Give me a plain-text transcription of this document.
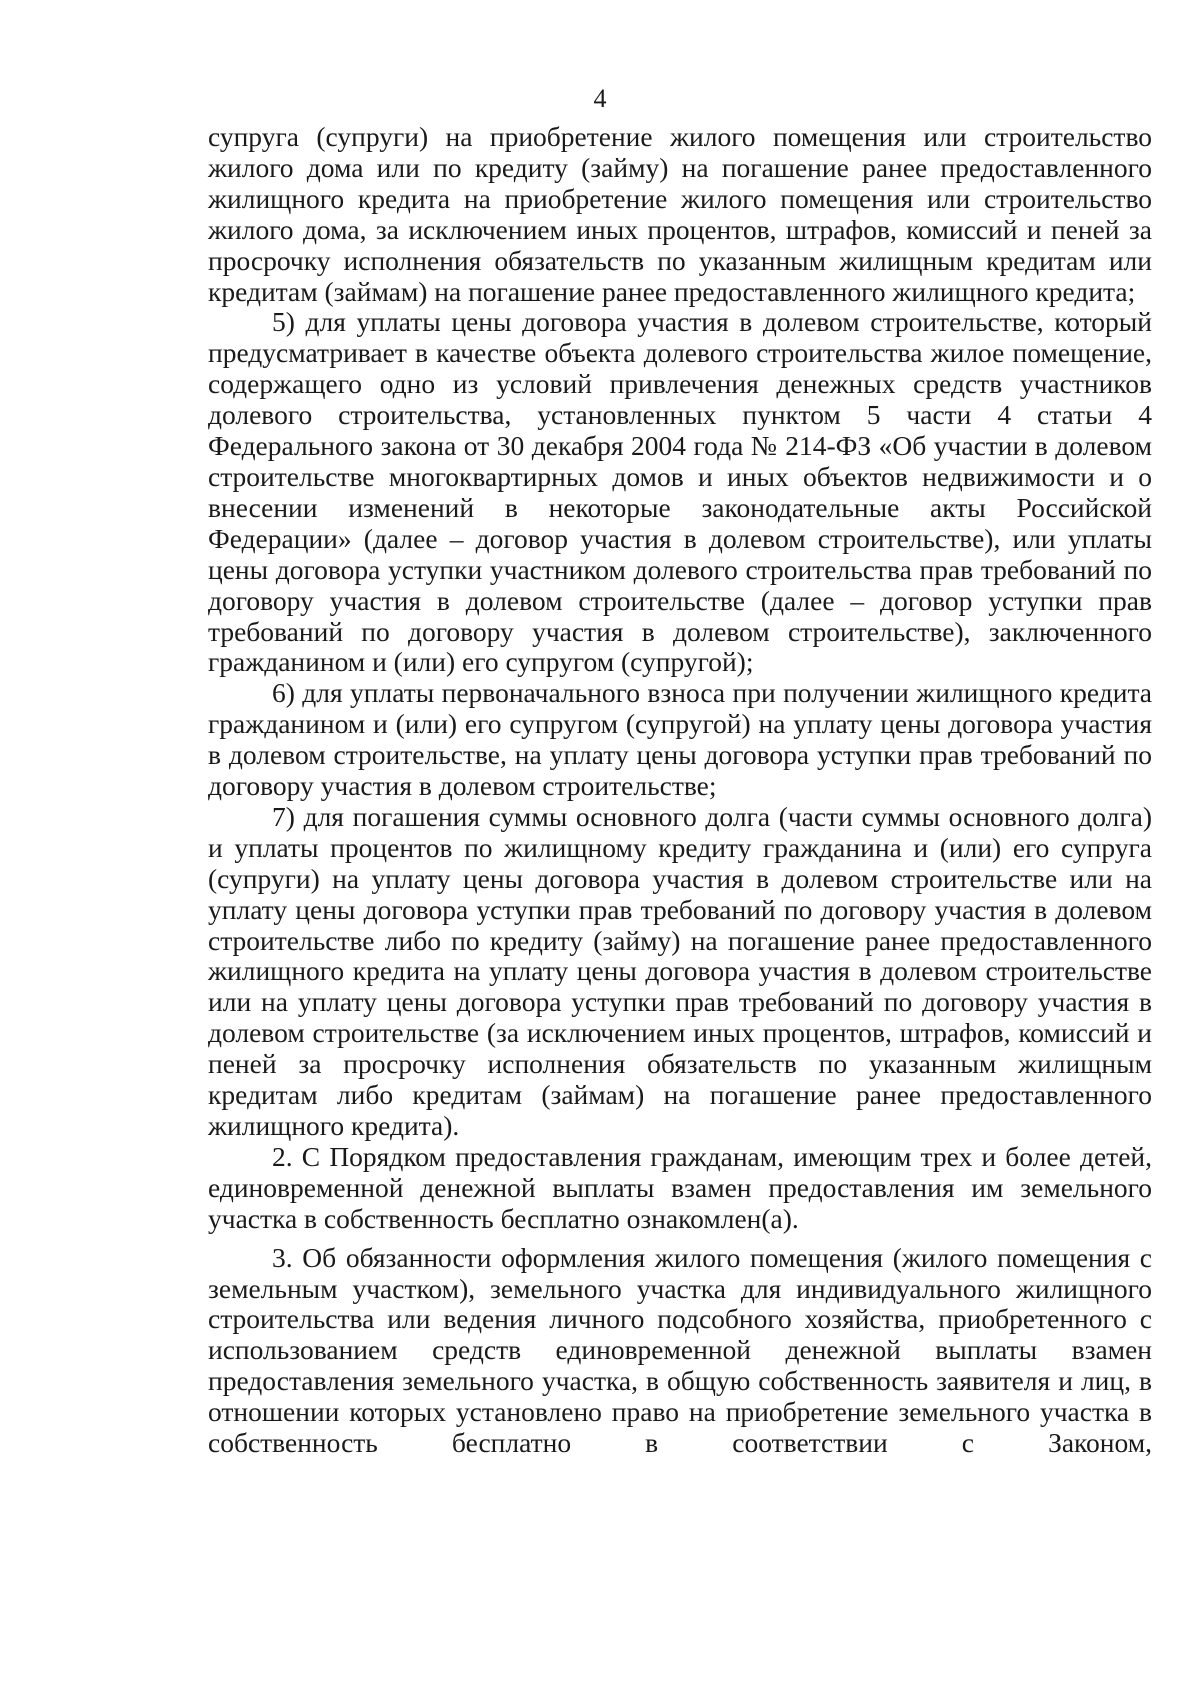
4

супруга (супруги) на приобретение жилого помещения или строительство жилого дома или по кредиту (займу) на погашение ранее предоставленного жилищного кредита на приобретение жилого помещения или строительство жилого дома, за исключением иных процентов, штрафов, комиссий и пеней за просрочку исполнения обязательств по указанным жилищным кредитам или кредитам (займам) на погашение ранее предоставленного жилищного кредита;

5) для уплаты цены договора участия в долевом строительстве, который предусматривает в качестве объекта долевого строительства жилое помещение, содержащего одно из условий привлечения денежных средств участников долевого строительства, установленных пунктом 5 части 4 статьи 4 Федерального закона от 30 декабря 2004 года № 214-ФЗ «Об участии в долевом строительстве многоквартирных домов и иных объектов недвижимости и о внесении изменений в некоторые законодательные акты Российской Федерации» (далее – договор участия в долевом строительстве), или уплаты цены договора уступки участником долевого строительства прав требований по договору участия в долевом строительстве (далее – договор уступки прав требований по договору участия в долевом строительстве), заключенного гражданином и (или) его супругом (супругой);

6) для уплаты первоначального взноса при получении жилищного кредита гражданином и (или) его супругом (супругой) на уплату цены договора участия в долевом строительстве, на уплату цены договора уступки прав требований по договору участия в долевом строительстве;

7) для погашения суммы основного долга (части суммы основного долга) и уплаты процентов по жилищному кредиту гражданина и (или) его супруга (супруги) на уплату цены договора участия в долевом строительстве или на уплату цены договора уступки прав требований по договору участия в долевом строительстве либо по кредиту (займу) на погашение ранее предоставленного жилищного кредита на уплату цены договора участия в долевом строительстве или на уплату цены договора уступки прав требований по договору участия в долевом строительстве (за исключением иных процентов, штрафов, комиссий и пеней за просрочку исполнения обязательств по указанным жилищным кредитам либо кредитам (займам) на погашение ранее предоставленного жилищного кредита).

2. С Порядком предоставления гражданам, имеющим трех и более детей, единовременной денежной выплаты взамен предоставления им земельного участка в собственность бесплатно ознакомлен(а).

3. Об обязанности оформления жилого помещения (жилого помещения с земельным участком), земельного участка для индивидуального жилищного строительства или ведения личного подсобного хозяйства, приобретенного с использованием средств единовременной денежной выплаты взамен предоставления земельного участка, в общую собственность заявителя и лиц, в отношении которых установлено право на приобретение земельного участка в собственность бесплатно в соответствии с Законом,
